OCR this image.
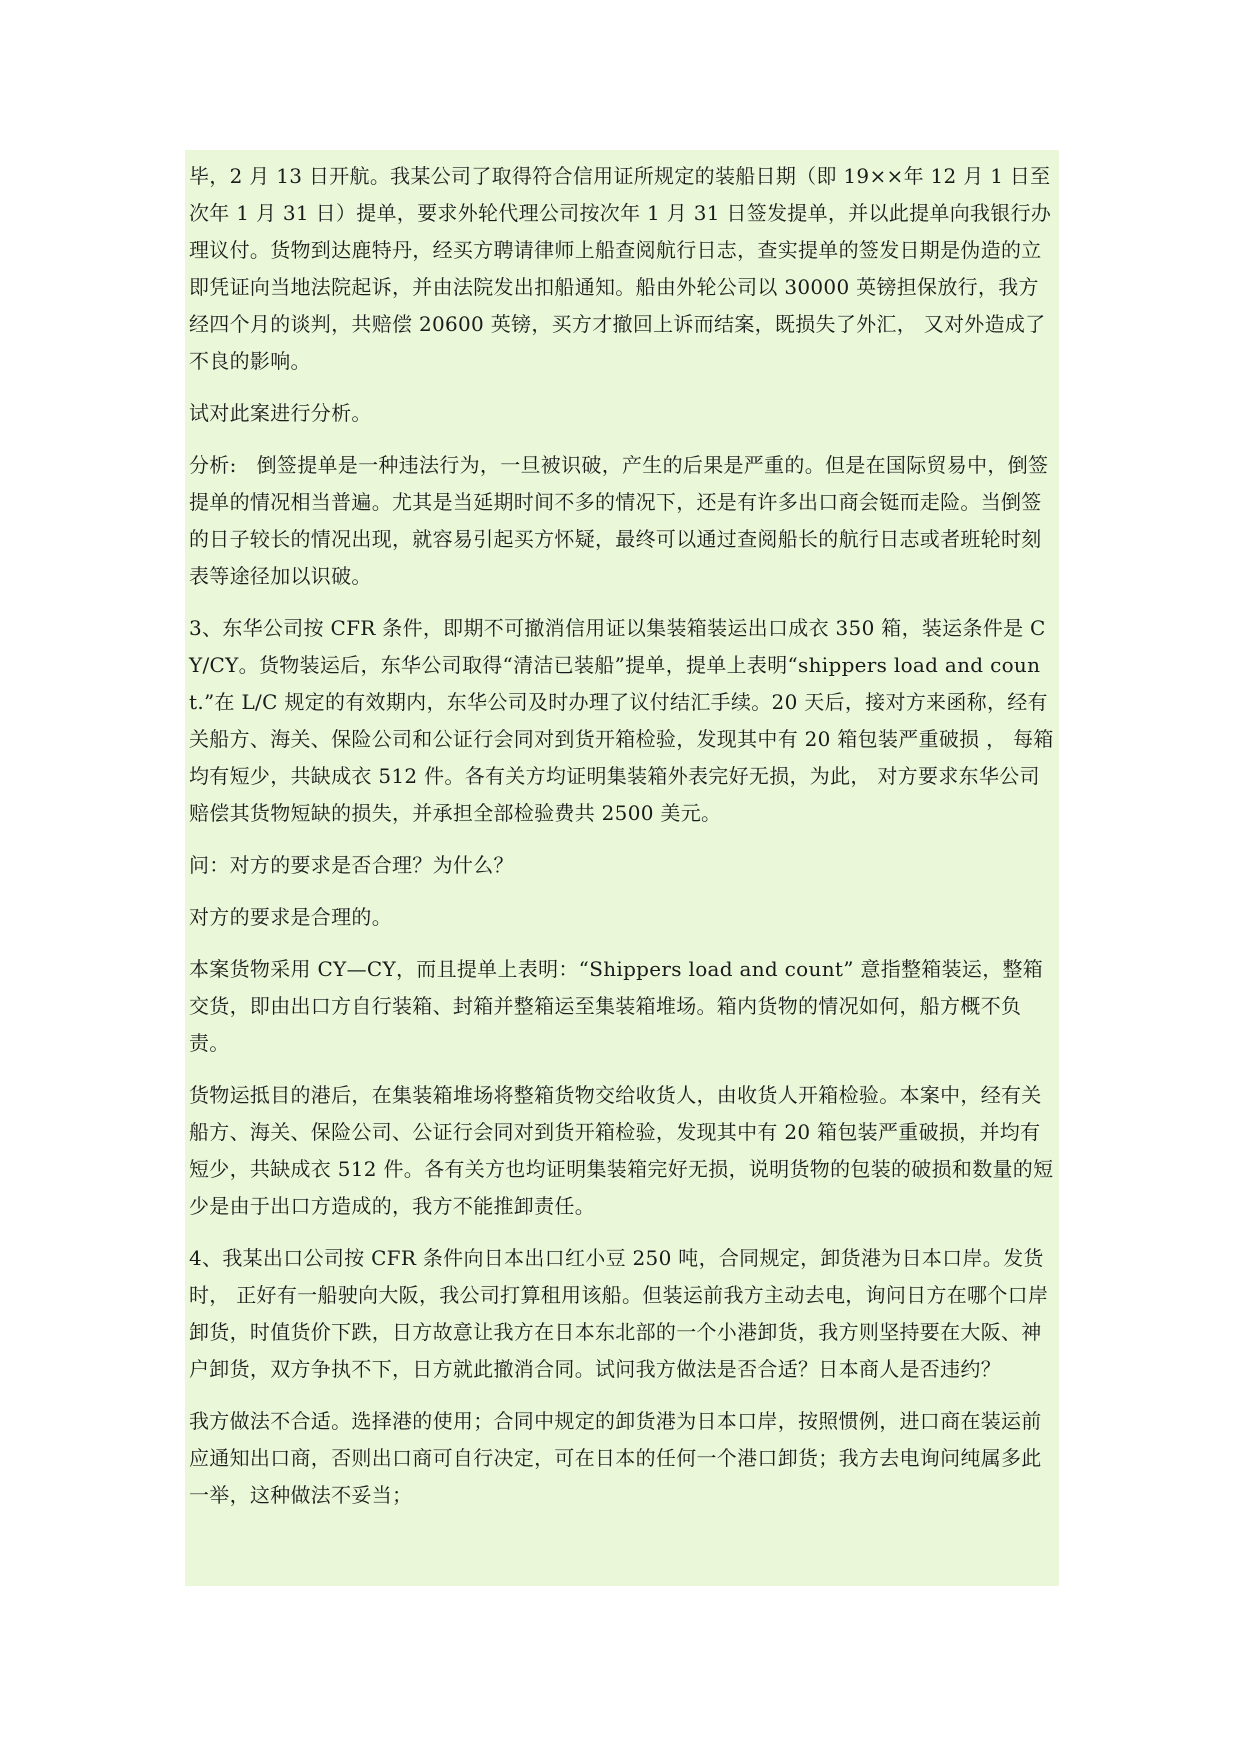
毕，2 月 13 日开航。我某公司了取得符合信用证所规定的装船日期（即 19××年 12 月 1 日至次年 1 月 31 日）提单，要求外轮代理公司按次年 1 月 31 日签发提单，并以此提单向我银行办理议付。货物到达鹿特丹，经买方聘请律师上船查阅航行日志，查实提单的签发日期是伪造的立即凭证向当地法院起诉，并由法院发出扣船通知。船由外轮公司以 30000 英镑担保放行，我方经四个月的谈判，共赔偿 20600 英镑，买方才撤回上诉而结案，既损失了外汇， 又对外造成了不良的影响。

试对此案进行分析。

分析:   倒签提单是一种违法行为，一旦被识破，产生的后果是严重的。但是在国际贸易中，倒签提单的情况相当普遍。尤其是当延期时间不多的情况下，还是有许多出口商会铤而走险。当倒签的日子较长的情况出现，就容易引起买方怀疑，最终可以通过查阅船长的航行日志或者班轮时刻表等途径加以识破。

3、东华公司按 CFR 条件，即期不可撤消信用证以集装箱装运出口成衣 350 箱，装运条件是 CY/CY。货物装运后，东华公司取得“清洁已装船”提单，提单上表明“shippers load and count.”在 L/C 规定的有效期内，东华公司及时办理了议付结汇手续。20 天后，接对方来函称，经有关船方、海关、保险公司和公证行会同对到货开箱检验，发现其中有 20 箱包装严重破损 ， 每箱均有短少，共缺成衣 512 件。各有关方均证明集装箱外表完好无损，为此， 对方要求东华公司赔偿其货物短缺的损失，并承担全部检验费共 2500 美元。

问：对方的要求是否合理？为什么？

对方的要求是合理的。

本案货物采用 CY—CY，而且提单上表明：“Shippers load and count” 意指整箱装运，整箱交货，即由出口方自行装箱、封箱并整箱运至集装箱堆场。箱内货物的情况如何，船方概不负责。

货物运抵目的港后，在集装箱堆场将整箱货物交给收货人，由收货人开箱检验。本案中，经有关船方、海关、保险公司、公证行会同对到货开箱检验，发现其中有 20 箱包装严重破损，并均有短少，共缺成衣 512 件。各有关方也均证明集装箱完好无损，说明货物的包装的破损和数量的短少是由于出口方造成的，我方不能推卸责任。

4、我某出口公司按 CFR 条件向日本出口红小豆 250 吨，合同规定，卸货港为日本口岸。发货时， 正好有一船驶向大阪，我公司打算租用该船。但装运前我方主动去电，询问日方在哪个口岸卸货，时值货价下跌，日方故意让我方在日本东北部的一个小港卸货，我方则坚持要在大阪、神户卸货，双方争执不下，日方就此撤消合同。试问我方做法是否合适？日本商人是否违约？

我方做法不合适。选择港的使用；合同中规定的卸货港为日本口岸，按照惯例，进口商在装运前应通知出口商，否则出口商可自行决定，可在日本的任何一个港口卸货；我方去电询问纯属多此一举，这种做法不妥当；
